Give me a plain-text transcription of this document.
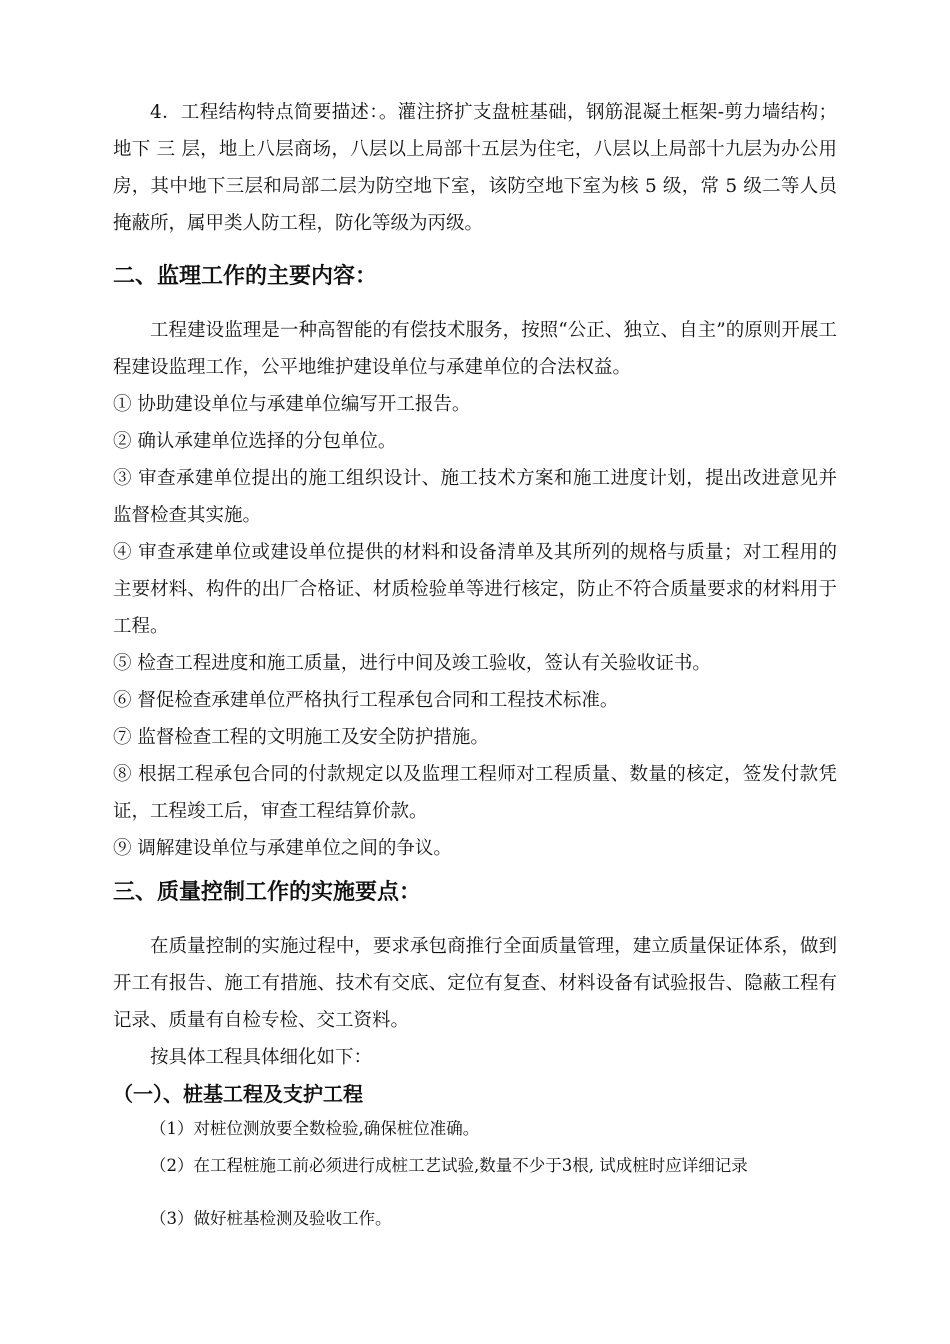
4．工程结构特点简要描述：。灌注挤扩支盘桩基础，钢筋混凝土框架-剪力墙结构；地下 三 层，地上八层商场，八层以上局部十五层为住宅，八层以上局部十九层为办公用房，其中地下三层和局部二层为防空地下室，该防空地下室为核 5 级，常 5 级二等人员掩蔽所，属甲类人防工程，防化等级为丙级。

二、监理工作的主要内容：

工程建设监理是一种高智能的有偿技术服务，按照“公正、独立、自主”的原则开展工程建设监理工作，公平地维护建设单位与承建单位的合法权益。

① 协助建设单位与承建单位编写开工报告。

② 确认承建单位选择的分包单位。

③ 审查承建单位提出的施工组织设计、施工技术方案和施工进度计划，提出改进意见并监督检查其实施。

④ 审查承建单位或建设单位提供的材料和设备清单及其所列的规格与质量；对工程用的主要材料、构件的出厂合格证、材质检验单等进行核定，防止不符合质量要求的材料用于工程。

⑤ 检查工程进度和施工质量，进行中间及竣工验收，签认有关验收证书。

⑥ 督促检查承建单位严格执行工程承包合同和工程技术标准。

⑦ 监督检查工程的文明施工及安全防护措施。

⑧ 根据工程承包合同的付款规定以及监理工程师对工程质量、数量的核定，签发付款凭证，工程竣工后，审查工程结算价款。

⑨ 调解建设单位与承建单位之间的争议。

三、质量控制工作的实施要点：

在质量控制的实施过程中，要求承包商推行全面质量管理，建立质量保证体系，做到开工有报告、施工有措施、技术有交底、定位有复查、材料设备有试验报告、隐蔽工程有记录、质量有自检专检、交工资料。

按具体工程具体细化如下：

（一）、桩基工程及支护工程

（1）对桩位测放要全数检验,确保桩位准确。

（2）在工程桩施工前必须进行成桩工艺试验,数量不少于3根, 试成桩时应详细记录

（3）做好桩基检测及验收工作。
